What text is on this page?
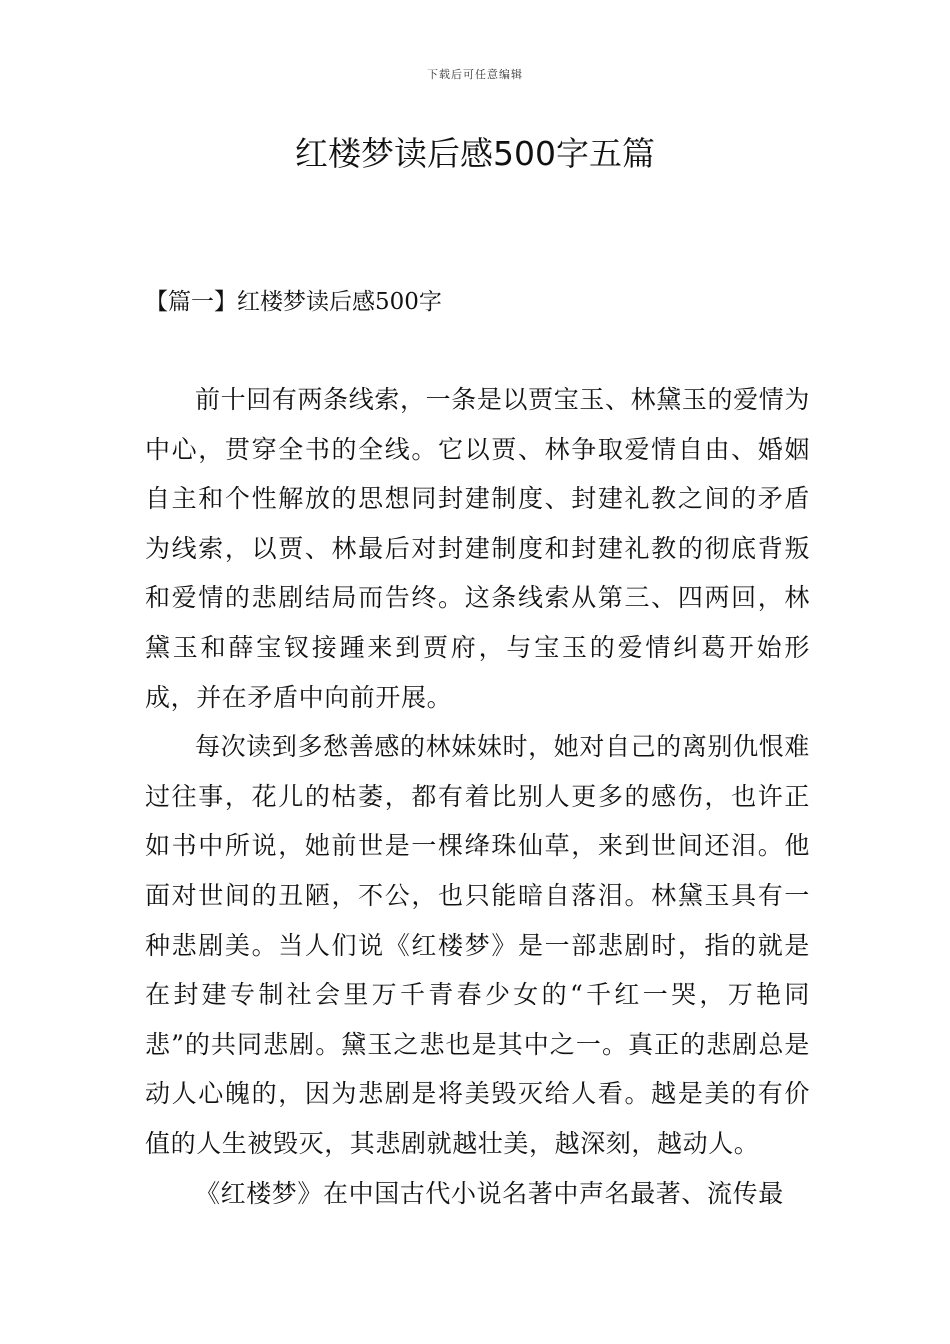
下载后可任意编辑
红楼梦读后感500字五篇
【篇一】红楼梦读后感500字

前十回有两条线索，一条是以贾宝玉、林黛玉的爱情为中心，贯穿全书的全线。它以贾、林争取爱情自由、婚姻自主和个性解放的思想同封建制度、封建礼教之间的矛盾为线索，以贾、林最后对封建制度和封建礼教的彻底背叛和爱情的悲剧结局而告终。这条线索从第三、四两回，林黛玉和薛宝钗接踵来到贾府，与宝玉的爱情纠葛开始形成，并在矛盾中向前开展。

每次读到多愁善感的林妹妹时，她对自己的离别仇恨难过往事，花儿的枯萎，都有着比别人更多的感伤，也许正如书中所说，她前世是一棵绛珠仙草，来到世间还泪。他面对世间的丑陋，不公，也只能暗自落泪。林黛玉具有一种悲剧美。当人们说《红楼梦》是一部悲剧时，指的就是在封建专制社会里万千青春少女的“千红一哭，万艳同悲”的共同悲剧。黛玉之悲也是其中之一。真正的悲剧总是动人心魄的，因为悲剧是将美毁灭给人看。越是美的有价值的人生被毁灭，其悲剧就越壮美，越深刻，越动人。

《红楼梦》在中国古代小说名著中声名最著、流传最
